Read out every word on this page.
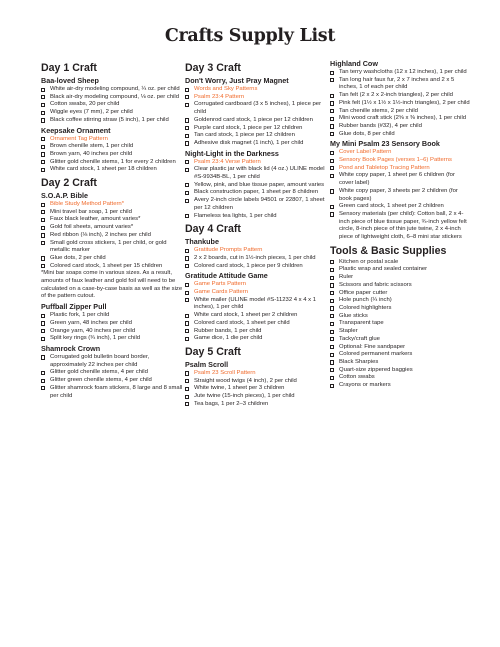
Crafts Supply List
Day 1 Craft
Baa-loved Sheep
White air-dry modeling compound, ¼ oz. per child
Black air-dry modeling compound, ⅛ oz. per child
Cotton swabs, 20 per child
Wiggle eyes (7 mm), 2 per child
Black coffee stirring straw (5 inch), 1 per child
Keepsake Ornament
Ornament Tag Pattern
Brown chenille stem, 1 per child
Brown yarn, 40 inches per child
Glitter gold chenille stems, 1 for every 2 children
White card stock, 1 sheet per 18 children
Day 2 Craft
S.O.A.P. Bible
Bible Study Method Pattern*
Mini travel bar soap, 1 per child
Faux black leather, amount varies*
Gold foil sheets, amount varies*
Red ribbon (⅛ inch), 2 inches per child
Small gold cross stickers, 1 per child, or gold metallic marker
Glue dots, 2 per child
Colored card stock, 1 sheet per 15 children

*Mini bar soaps come in various sizes. As a result, amounts of faux leather and gold foil will need to be calculated on a case-by-case basis as well as the size of the pattern cutout.

Puffball Zipper Pull
Plastic fork, 1 per child
Green yarn, 48 inches per child
Orange yarn, 40 inches per child
Split key rings (¾ inch), 1 per child
Shamrock Crown
Corrugated gold bulletin board border, approximately 22 inches per child
Glitter gold chenille stems, 4 per child
Glitter green chenille stems, 4 per child
Glitter shamrock foam stickers, 8 large and 8 small per child
Day 3 Craft
Don't Worry, Just Pray Magnet
Words and Sky Patterns
Psalm 23:4 Pattern
Corrugated cardboard (3 x 5 inches), 1 piece per child
Goldenrod card stock, 1 piece per 12 children
Purple card stock, 1 piece per 12 children
Tan card stock, 1 piece per 12 children
Adhesive disk magnet (1 inch), 1 per child
Night-Light in the Darkness
Psalm 23:4 Verse Pattern
Clear plastic jar with black lid (4 oz.) ULINE model #S-9934B-BL, 1 per child
Yellow, pink, and blue tissue paper, amount varies
Black construction paper, 1 sheet per 8 children
Avery 2-inch circle labels 94501 or 22807, 1 sheet per 12 children
Flameless tea lights, 1 per child
Day 4 Craft
Thankube
Gratitude Prompts Pattern
2 x 2 boards, cut in 1½-inch pieces, 1 per child
Colored card stock, 1 piece per 9 children
Gratitude Attitude Game
Game Parts Pattern
Game Cards Pattern
White mailer (ULINE model #S-11232 4 x 4 x 1 inches), 1 per child
White card stock, 1 sheet per 2 children
Colored card stock, 1 sheet per child
Rubber bands, 1 per child
Game dice, 1 die per child
Day 5 Craft
Psalm Scroll
Psalm 23 Scroll Pattern
Straight wood twigs (4 inch), 2 per child
White twine, 1 sheet per 3 children
Jute twine (15-inch pieces), 1 per child
Tea bags, 1 per 2–3 children
Highland Cow
Tan terry washcloths (12 x 12 inches), 1 per child
Tan long hair faux fur, 2 x 7 inches and 2 x 5 inches, 1 of each per child
Tan felt (2 x 2 x 2-inch triangles), 2 per child
Pink felt (1½ x 1½ x 1½-inch triangles), 2 per child
Tan chenille stems, 2 per child
Mini wood craft stick (2⅝ x ⅜ inches), 1 per child
Rubber bands (#32), 4 per child
Glue dots, 8 per child
My Mini Psalm 23 Sensory Book
Cover Label Pattern
Sensory Book Pages (verses 1–6) Patterns
Pond and Tabletop Tracing Pattern
White copy paper, 1 sheet per 6 children (for cover label)
White copy paper, 3 sheets per 2 children (for book pages)
Green card stock, 1 sheet per 2 children
Sensory materials (per child): Cotton ball, 2 x 4-inch piece of blue tissue paper, ¾-inch yellow felt circle, 8-inch piece of thin jute twine, 2 x 4-inch piece of lightweight cloth, 6–8 mini star stickers
Tools & Basic Supplies
Kitchen or postal scale
Plastic wrap and sealed container
Ruler
Scissors and fabric scissors
Office paper cutter
Hole punch (¼ inch)
Colored highlighters
Glue sticks
Transparent tape
Stapler
Tacky/craft glue
Optional: Fine sandpaper
Colored permanent markers
Black Sharpies
Quart-size zippered baggies
Cotton swabs
Crayons or markers
